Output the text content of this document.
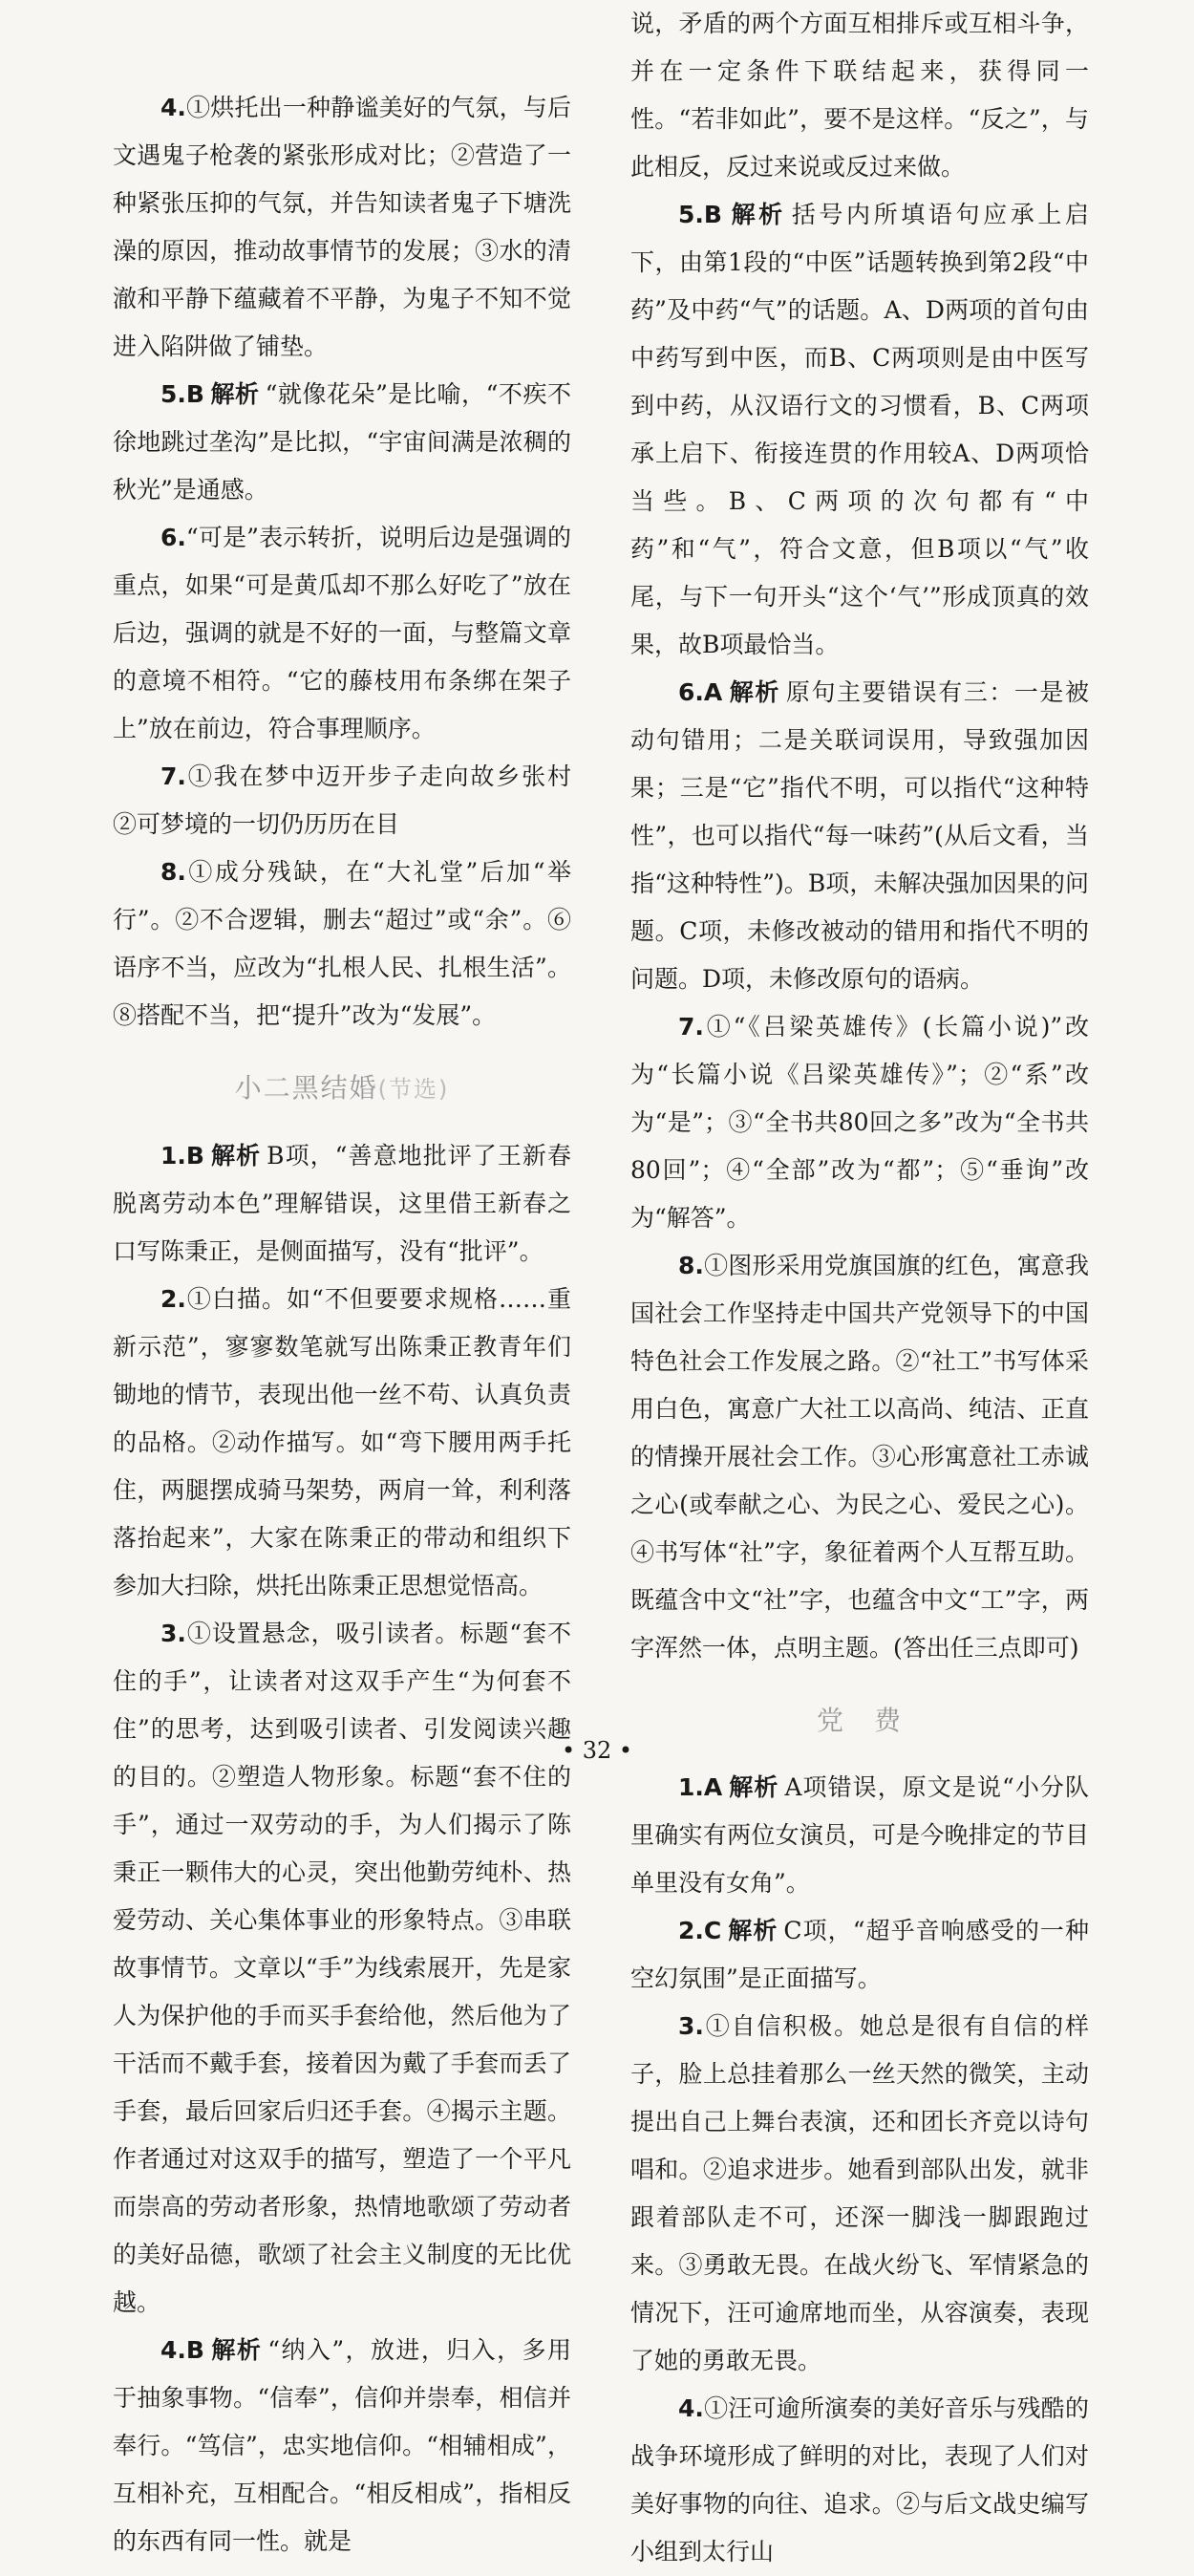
4.①烘托出一种静谧美好的气氛，与后文遇鬼子枪袭的紧张形成对比；②营造了一种紧张压抑的气氛，并告知读者鬼子下塘洗澡的原因，推动故事情节的发展；③水的清澈和平静下蕴藏着不平静，为鬼子不知不觉进入陷阱做了铺垫。

5.B 解析 “就像花朵”是比喻，“不疾不徐地跳过垄沟”是比拟，“宇宙间满是浓稠的秋光”是通感。

6.“可是”表示转折，说明后边是强调的重点，如果“可是黄瓜却不那么好吃了”放在后边，强调的就是不好的一面，与整篇文章的意境不相符。“它的藤枝用布条绑在架子上”放在前边，符合事理顺序。

7.①我在梦中迈开步子走向故乡张村　②可梦境的一切仍历历在目

8.①成分残缺，在“大礼堂”后加“举行”。②不合逻辑，删去“超过”或“余”。⑥语序不当，应改为“扎根人民、扎根生活”。⑧搭配不当，把“提升”改为“发展”。

小二黑结婚(节选)

1.B 解析 B项，“善意地批评了王新春脱离劳动本色”理解错误，这里借王新春之口写陈秉正，是侧面描写，没有“批评”。

2.①白描。如“不但要要求规格……重新示范”，寥寥数笔就写出陈秉正教青年们锄地的情节，表现出他一丝不苟、认真负责的品格。②动作描写。如“弯下腰用两手托住，两腿摆成骑马架势，两肩一耸，利利落落抬起来”，大家在陈秉正的带动和组织下参加大扫除，烘托出陈秉正思想觉悟高。

3.①设置悬念，吸引读者。标题“套不住的手”，让读者对这双手产生“为何套不住”的思考，达到吸引读者、引发阅读兴趣的目的。②塑造人物形象。标题“套不住的手”，通过一双劳动的手，为人们揭示了陈秉正一颗伟大的心灵，突出他勤劳纯朴、热爱劳动、关心集体事业的形象特点。③串联故事情节。文章以“手”为线索展开，先是家人为保护他的手而买手套给他，然后他为了干活而不戴手套，接着因为戴了手套而丢了手套，最后回家后归还手套。④揭示主题。作者通过对这双手的描写，塑造了一个平凡而崇高的劳动者形象，热情地歌颂了劳动者的美好品德，歌颂了社会主义制度的无比优越。

4.B 解析 “纳入”，放进，归入，多用于抽象事物。“信奉”，信仰并崇奉，相信并奉行。“笃信”，忠实地信仰。“相辅相成”，互相补充，互相配合。“相反相成”，指相反的东西有同一性。就是

说，矛盾的两个方面互相排斥或互相斗争，并在一定条件下联结起来，获得同一性。“若非如此”，要不是这样。“反之”，与此相反，反过来说或反过来做。

5.B 解析 括号内所填语句应承上启下，由第1段的“中医”话题转换到第2段“中药”及中药“气”的话题。A、D两项的首句由中药写到中医，而B、C两项则是由中医写到中药，从汉语行文的习惯看，B、C两项承上启下、衔接连贯的作用较A、D两项恰当些。B、C两项的次句都有“中药”和“气”，符合文意，但B项以“气”收尾，与下一句开头“这个‘气’”形成顶真的效果，故B项最恰当。

6.A 解析 原句主要错误有三：一是被动句错用；二是关联词误用，导致强加因果；三是“它”指代不明，可以指代“这种特性”，也可以指代“每一味药”(从后文看，当指“这种特性”)。B项，未解决强加因果的问题。C项，未修改被动的错用和指代不明的问题。D项，未修改原句的语病。

7.①“《吕梁英雄传》(长篇小说)”改为“长篇小说《吕梁英雄传》”；②“系”改为“是”；③“全书共80回之多”改为“全书共80回”；④“全部”改为“都”；⑤“垂询”改为“解答”。

8.①图形采用党旗国旗的红色，寓意我国社会工作坚持走中国共产党领导下的中国特色社会工作发展之路。②“社工”书写体采用白色，寓意广大社工以高尚、纯洁、正直的情操开展社会工作。③心形寓意社工赤诚之心(或奉献之心、为民之心、爱民之心)。④书写体“社”字，象征着两个人互帮互助。既蕴含中文“社”字，也蕴含中文“工”字，两字浑然一体，点明主题。(答出任三点即可)

党　费

1.A 解析 A项错误，原文是说“小分队里确实有两位女演员，可是今晚排定的节目单里没有女角”。

2.C 解析 C项，“超乎音响感受的一种空幻氛围”是正面描写。

3.①自信积极。她总是很有自信的样子，脸上总挂着那么一丝天然的微笑，主动提出自己上舞台表演，还和团长齐竞以诗句唱和。②追求进步。她看到部队出发，就非跟着部队走不可，还深一脚浅一脚跟跑过来。③勇敢无畏。在战火纷飞、军情紧急的情况下，汪可逾席地而坐，从容演奏，表现了她的勇敢无畏。

4.①汪可逾所演奏的美好音乐与残酷的战争环境形成了鲜明的对比，表现了人们对美好事物的向往、追求。②与后文战史编写小组到太行山

• 32 •
